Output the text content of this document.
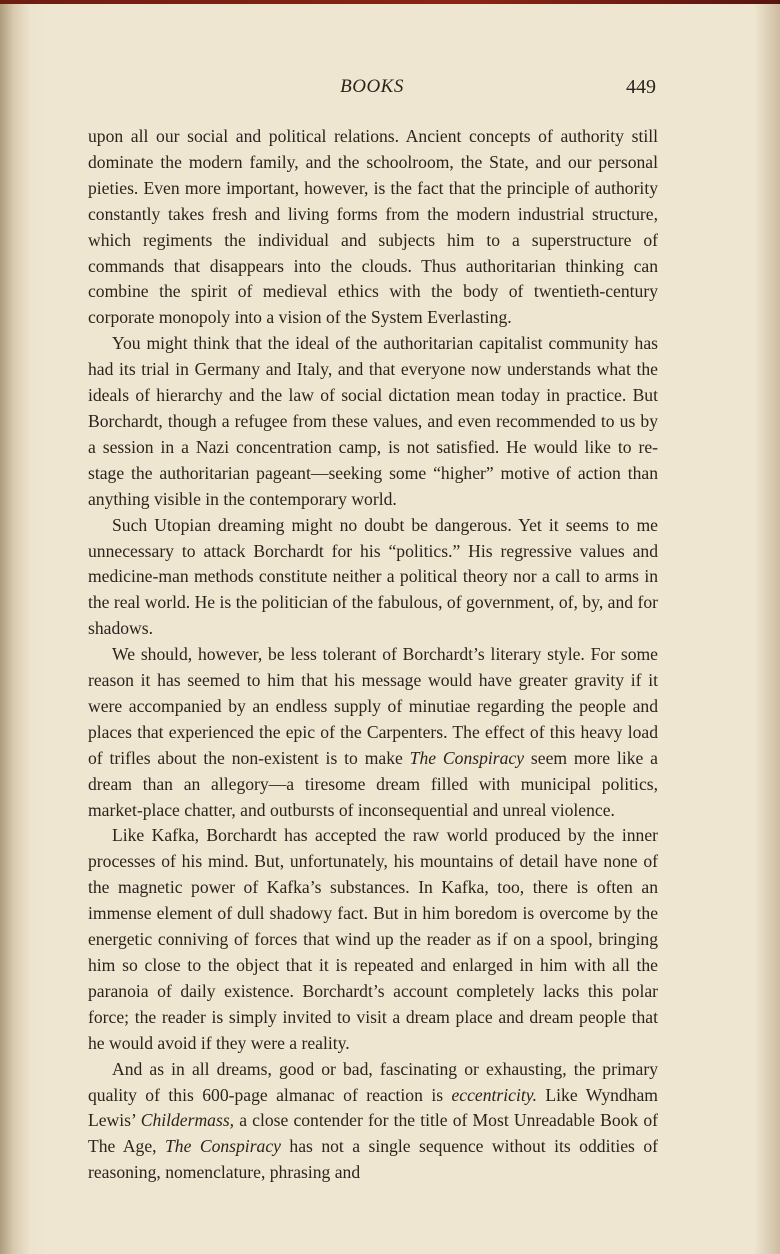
BOOKS	449

upon all our social and political relations. Ancient concepts of authority still dominate the modern family, and the schoolroom, the State, and our personal pieties. Even more important, however, is the fact that the principle of authority constantly takes fresh and living forms from the modern industrial structure, which regiments the individual and subjects him to a superstructure of commands that disappears into the clouds. Thus authoritarian thinking can combine the spirit of medieval ethics with the body of twentieth-century corporate monopoly into a vision of the System Everlasting.

You might think that the ideal of the authoritarian capitalist community has had its trial in Germany and Italy, and that everyone now understands what the ideals of hierarchy and the law of social dictation mean today in practice. But Borchardt, though a refugee from these values, and even recommended to us by a session in a Nazi concentration camp, is not satisfied. He would like to re-stage the authoritarian pageant—seeking some “higher” motive of action than anything visible in the contemporary world.

Such Utopian dreaming might no doubt be dangerous. Yet it seems to me unnecessary to attack Borchardt for his “politics.” His regressive values and medicine-man methods constitute neither a political theory nor a call to arms in the real world. He is the politician of the fabulous, of government, of, by, and for shadows.

We should, however, be less tolerant of Borchardt’s literary style. For some reason it has seemed to him that his message would have greater gravity if it were accompanied by an endless supply of minutiae regarding the people and places that experienced the epic of the Carpenters. The effect of this heavy load of trifles about the non-existent is to make The Conspiracy seem more like a dream than an allegory—a tiresome dream filled with municipal politics, market-place chatter, and outbursts of inconsequential and unreal violence.

Like Kafka, Borchardt has accepted the raw world produced by the inner processes of his mind. But, unfortunately, his mountains of detail have none of the magnetic power of Kafka’s substances. In Kafka, too, there is often an immense element of dull shadowy fact. But in him boredom is overcome by the energetic conniving of forces that wind up the reader as if on a spool, bringing him so close to the object that it is repeated and enlarged in him with all the paranoia of daily existence. Borchardt’s account completely lacks this polar force; the reader is simply invited to visit a dream place and dream people that he would avoid if they were a reality.

And as in all dreams, good or bad, fascinating or exhausting, the primary quality of this 600-page almanac of reaction is eccentricity. Like Wyndham Lewis’ Childermass, a close contender for the title of Most Unreadable Book of The Age, The Conspiracy has not a single sequence without its oddities of reasoning, nomenclature, phrasing and
